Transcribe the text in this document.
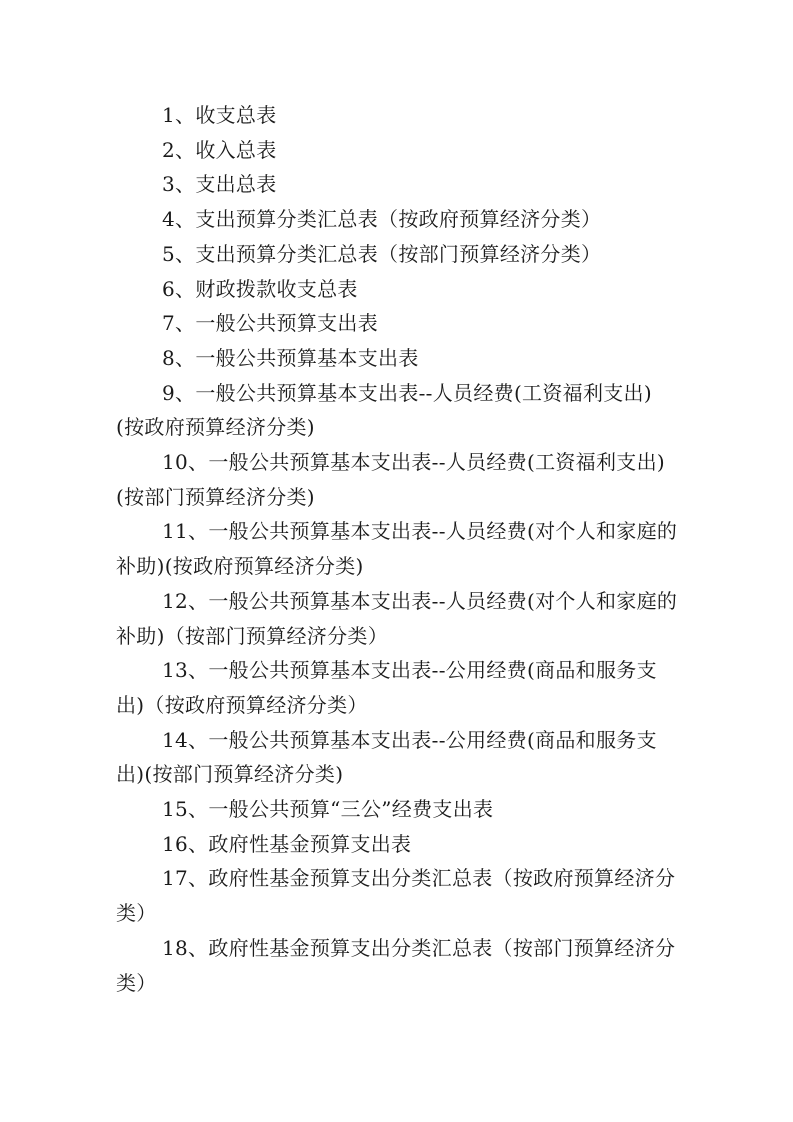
1、收支总表

2、收入总表

3、支出总表

4、支出预算分类汇总表（按政府预算经济分类）

5、支出预算分类汇总表（按部门预算经济分类）

6、财政拨款收支总表

7、一般公共预算支出表

8、一般公共预算基本支出表

9、一般公共预算基本支出表--人员经费(工资福利支出)(按政府预算经济分类)

10、一般公共预算基本支出表--人员经费(工资福利支出)(按部门预算经济分类)

11、一般公共预算基本支出表--人员经费(对个人和家庭的补助)(按政府预算经济分类)

12、一般公共预算基本支出表--人员经费(对个人和家庭的补助)（按部门预算经济分类）

13、一般公共预算基本支出表--公用经费(商品和服务支出)（按政府预算经济分类）

14、一般公共预算基本支出表--公用经费(商品和服务支出)(按部门预算经济分类)

15、一般公共预算“三公”经费支出表

16、政府性基金预算支出表

17、政府性基金预算支出分类汇总表（按政府预算经济分类）

18、政府性基金预算支出分类汇总表（按部门预算经济分类）
